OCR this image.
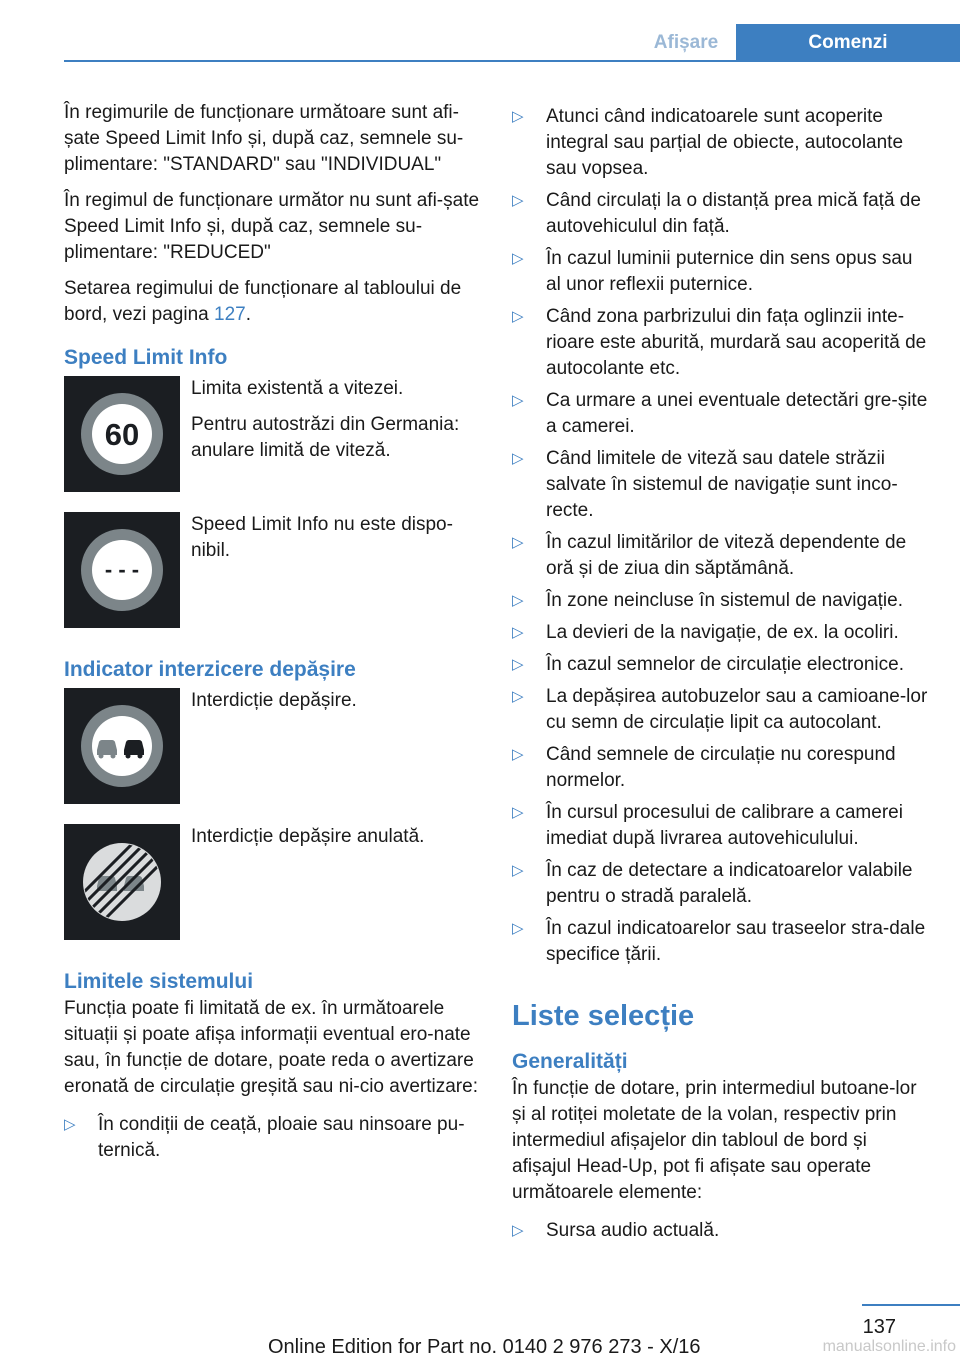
Afișare	Comenzi

În regimurile de funcționare următoare sunt afi‐șate Speed Limit Info și, după caz, semnele su‐plimentare: "STANDARD" sau "INDIVIDUAL"

În regimul de funcționare următor nu sunt afi‐șate Speed Limit Info și, după caz, semnele su‐plimentare: "REDUCED"

Setarea regimului de funcționare al tabloului de bord, vezi pagina 127.

Speed Limit Info
60

Limita existentă a vitezei.

Pentru autostrăzi din Germania: anulare limită de viteză.

- - -

Speed Limit Info nu este dispo‐nibil.

Indicator interzicere depășire

Interdicție depășire.

Interdicție depășire anulată.

Limitele sistemului

Funcția poate fi limitată de ex. în următoarele situații și poate afișa informații eventual ero‐nate sau, în funcție de dotare, poate reda o avertizare eronată de circulație greșită sau ni‐cio avertizare:

▷ În condiții de ceață, ploaie sau ninsoare pu‐ternică.
▷ Atunci când indicatoarele sunt acoperite integral sau parțial de obiecte, autocolante sau vopsea.
▷ Când circulați la o distanță prea mică față de autovehiculul din față.
▷ În cazul luminii puternice din sens opus sau al unor reflexii puternice.
▷ Când zona parbrizului din fața oglinzii inte‐rioare este aburită, murdară sau acoperită de autocolante etc.
▷ Ca urmare a unei eventuale detectări gre‐șite a camerei.
▷ Când limitele de viteză sau datele străzii salvate în sistemul de navigație sunt inco‐recte.
▷ În cazul limitărilor de viteză dependente de oră și de ziua din săptămână.
▷ În zone neincluse în sistemul de navigație.
▷ La devieri de la navigație, de ex. la ocoliri.
▷ În cazul semnelor de circulație electronice.
▷ La depășirea autobuzelor sau a camioane‐lor cu semn de circulație lipit ca autocolant.
▷ Când semnele de circulație nu corespund normelor.
▷ În cursul procesului de calibrare a camerei imediat după livrarea autovehiculului.
▷ În caz de detectare a indicatoarelor valabile pentru o stradă paralelă.
▷ În cazul indicatoarelor sau traseelor stra‐dale specifice țării.
Liste selecție
Generalități

În funcție de dotare, prin intermediul butoane‐lor și al rotiței moletate de la volan, respectiv prin intermediul afișajelor din tabloul de bord și afișajul Head-Up, pot fi afișate sau operate următoarele elemente:

▷ Sursa audio actuală.
137
Online Edition for Part no. 0140 2 976 273 - X/16	manualsonline.info
